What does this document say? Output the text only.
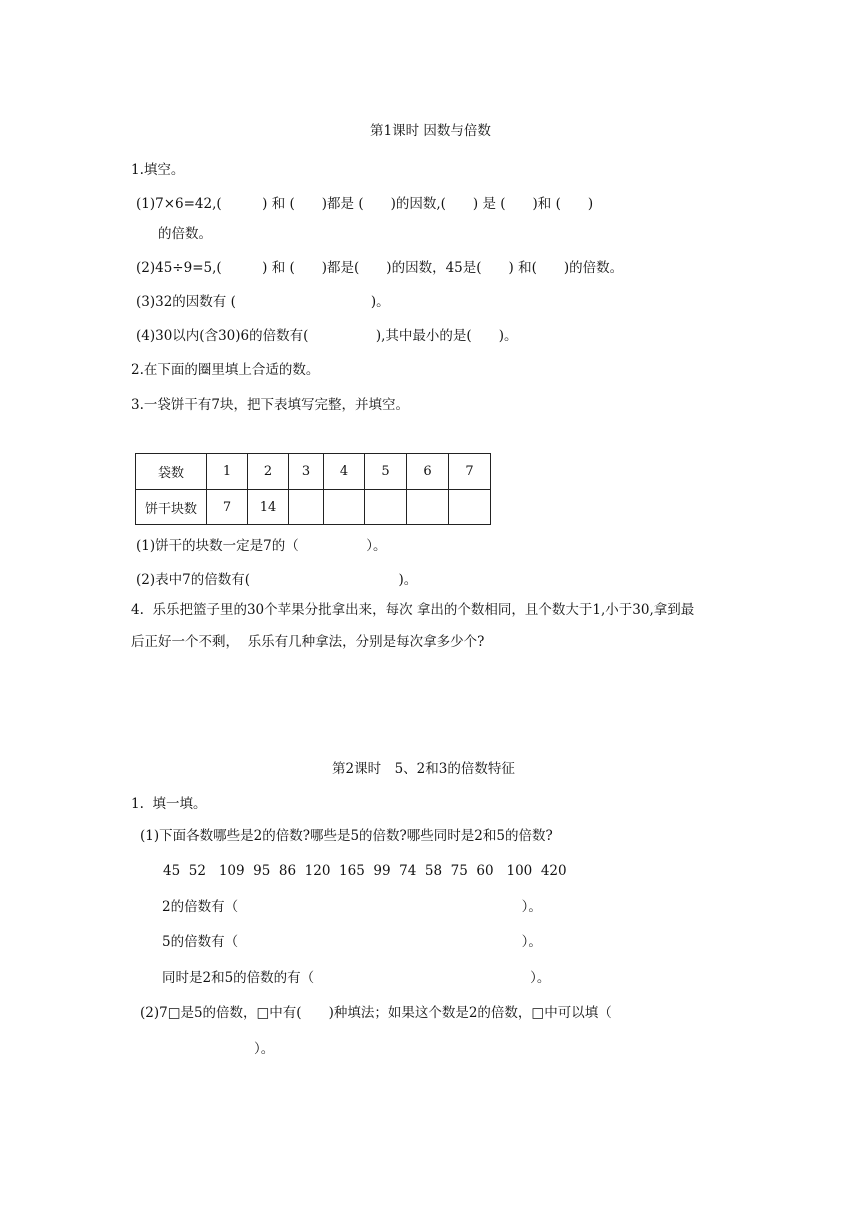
第1课时 因数与倍数
1.填空。
(1)7×6=42,(　　　) 和 (　　)都是 (　　)的因数,(　　) 是 (　　)和 (　　)
的倍数。
(2)45÷9=5,(　　　) 和 (　　)都是(　　)的因数，45是(　　) 和(　　)的倍数。
(3)32的因数有 (　　　　　　　　　　)。
(4)30以内(含30)6的倍数有(　　　　　),其中最小的是(　　)。
2.在下面的圈里填上合适的数。
3.一袋饼干有7块，把下表填写完整，并填空。
袋数	1	2	3	4	5	6	7
饼干块数	7	14					
(1)饼干的块数一定是7的（　　　　　）。
(2)表中7的倍数有(　　　　　　　　　　　)。
4.  乐乐把篮子里的30个苹果分批拿出来，每次 拿出的个数相同，且个数大于1,小于30,拿到最
后正好一个不剩，  乐乐有几种拿法，分别是每次拿多少个?
第2课时　5、2和3的倍数特征
1.  填一填。
(1)下面各数哪些是2的倍数?哪些是5的倍数?哪些同时是2和5的倍数?
45  52   109  95  86  120  165  99  74  58  75  60   100  420
2的倍数有（　　　　　　　　　　　　　　　　　　　　　）。
5的倍数有（　　　　　　　　　　　　　　　　　　　　　）。
同时是2和5的倍数的有（　　　　　　　　　　　　　　　　）。
(2)7□是5的倍数，□中有(　　)种填法；如果这个数是2的倍数，□中可以填（
）。
